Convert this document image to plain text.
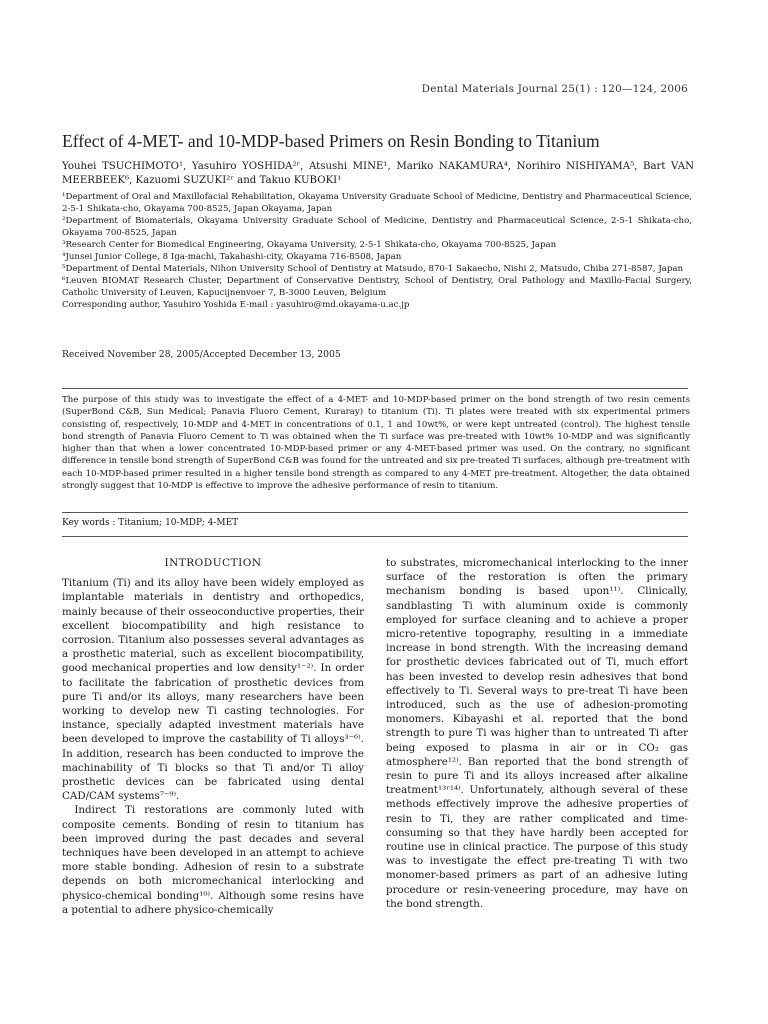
Dental Materials Journal 25(1) : 120—124, 2006
Effect of 4-MET- and 10-MDP-based Primers on Resin Bonding to Titanium

Youhei TSUCHIMOTO¹, Yasuhiro YOSHIDA²ʳ, Atsushi MINE¹, Mariko NAKAMURA⁴, Norihiro NISHIYAMA⁵, Bart VAN MEERBEEK⁶, Kazuomi SUZUKI²ʳ and Takuo KUBOKI¹

¹Department of Oral and Maxillofacial Rehabilitation, Okayama University Graduate School of Medicine, Dentistry and Pharmaceutical Science, 2-5-1 Shikata-cho, Okayama 700-8525, Japan Okayama, Japan

²Department of Biomaterials, Okayama University Graduate School of Medicine, Dentistry and Pharmaceutical Science, 2-5-1 Shikata-cho, Okayama 700-8525, Japan

³Research Center for Biomedical Engineering, Okayama University, 2-5-1 Shikata-cho, Okayama 700-8525, Japan

⁴Junsei Junior College, 8 Iga-machi, Takahashi-city, Okayama 716-8508, Japan

⁵Department of Dental Materials, Nihon University School of Dentistry at Matsudo, 870-1 Sakaecho, Nishi 2, Matsudo, Chiba 271-8587, Japan

⁶Leuven BIOMAT Research Cluster, Department of Conservative Dentistry, School of Dentistry, Oral Pathology and Maxillo-Facial Surgery, Catholic University of Leuven, Kapucijnenvoer 7, B-3000 Leuven, Belgium

Corresponding author, Yasuhiro Yoshida E-mail : yasuhiro@md.okayama-u.ac.jp

Received November 28, 2005/Accepted December 13, 2005

The purpose of this study was to investigate the effect of a 4-MET- and 10-MDP-based primer on the bond strength of two resin cements (SuperBond C&B, Sun Medical; Panavia Fluoro Cement, Kuraray) to titanium (Ti). Ti plates were treated with six experimental primers consisting of, respectively, 10-MDP and 4-MET in concentrations of 0.1, 1 and 10wt%, or were kept untreated (control). The highest tensile bond strength of Panavia Fluoro Cement to Ti was obtained when the Ti surface was pre-treated with 10wt% 10-MDP and was significantly higher than that when a lower concentrated 10-MDP-based primer or any 4-MET-based primer was used. On the contrary, no significant difference in tensile bond strength of SuperBond C&B was found for the untreated and six pre-treated Ti surfaces, although pre-treatment with each 10-MDP-based primer resulted in a higher tensile bond strength as compared to any 4-MET pre-treatment. Altogether, the data obtained strongly suggest that 10-MDP is effective to improve the adhesive performance of resin to titanium.

Key words : Titanium; 10-MDP; 4-MET
INTRODUCTION

Titanium (Ti) and its alloy have been widely employed as implantable materials in dentistry and orthopedics, mainly because of their osseoconductive properties, their excellent biocompatibility and high resistance to corrosion. Titanium also possesses several advantages as a prosthetic material, such as excellent biocompatibility, good mechanical properties and low density¹⁻²⁾. In order to facilitate the fabrication of prosthetic devices from pure Ti and/or its alloys, many researchers have been working to develop new Ti casting technologies. For instance, specially adapted investment materials have been developed to improve the castability of Ti alloys³⁻⁶⁾. In addition, research has been conducted to improve the machinability of Ti blocks so that Ti and/or Ti alloy prosthetic devices can be fabricated using dental CAD/CAM systems⁷⁻⁹⁾.

Indirect Ti restorations are commonly luted with composite cements. Bonding of resin to titanium has been improved during the past decades and several techniques have been developed in an attempt to achieve more stable bonding. Adhesion of resin to a substrate depends on both micromechanical interlocking and physico-chemical bonding¹⁰⁾. Although some resins have a potential to adhere physico-chemically

to substrates, micromechanical interlocking to the inner surface of the restoration is often the primary mechanism bonding is based upon¹¹⁾. Clinically, sandblasting Ti with aluminum oxide is commonly employed for surface cleaning and to achieve a proper micro-retentive topography, resulting in a immediate increase in bond strength. With the increasing demand for prosthetic devices fabricated out of Ti, much effort has been invested to develop resin adhesives that bond effectively to Ti. Several ways to pre-treat Ti have been introduced, such as the use of adhesion-promoting monomers. Kibayashi et al. reported that the bond strength to pure Ti was higher than to untreated Ti after being exposed to plasma in air or in CO₂ gas atmosphere¹²⁾. Ban reported that the bond strength of resin to pure Ti and its alloys increased after alkaline treatment¹³ʳ¹⁴⁾. Unfortunately, although several of these methods effectively improve the adhesive properties of resin to Ti, they are rather complicated and time-consuming so that they have hardly been accepted for routine use in clinical practice. The purpose of this study was to investigate the effect pre-treating Ti with two monomer-based primers as part of an adhesive luting procedure or resin-veneering procedure, may have on the bond strength.
